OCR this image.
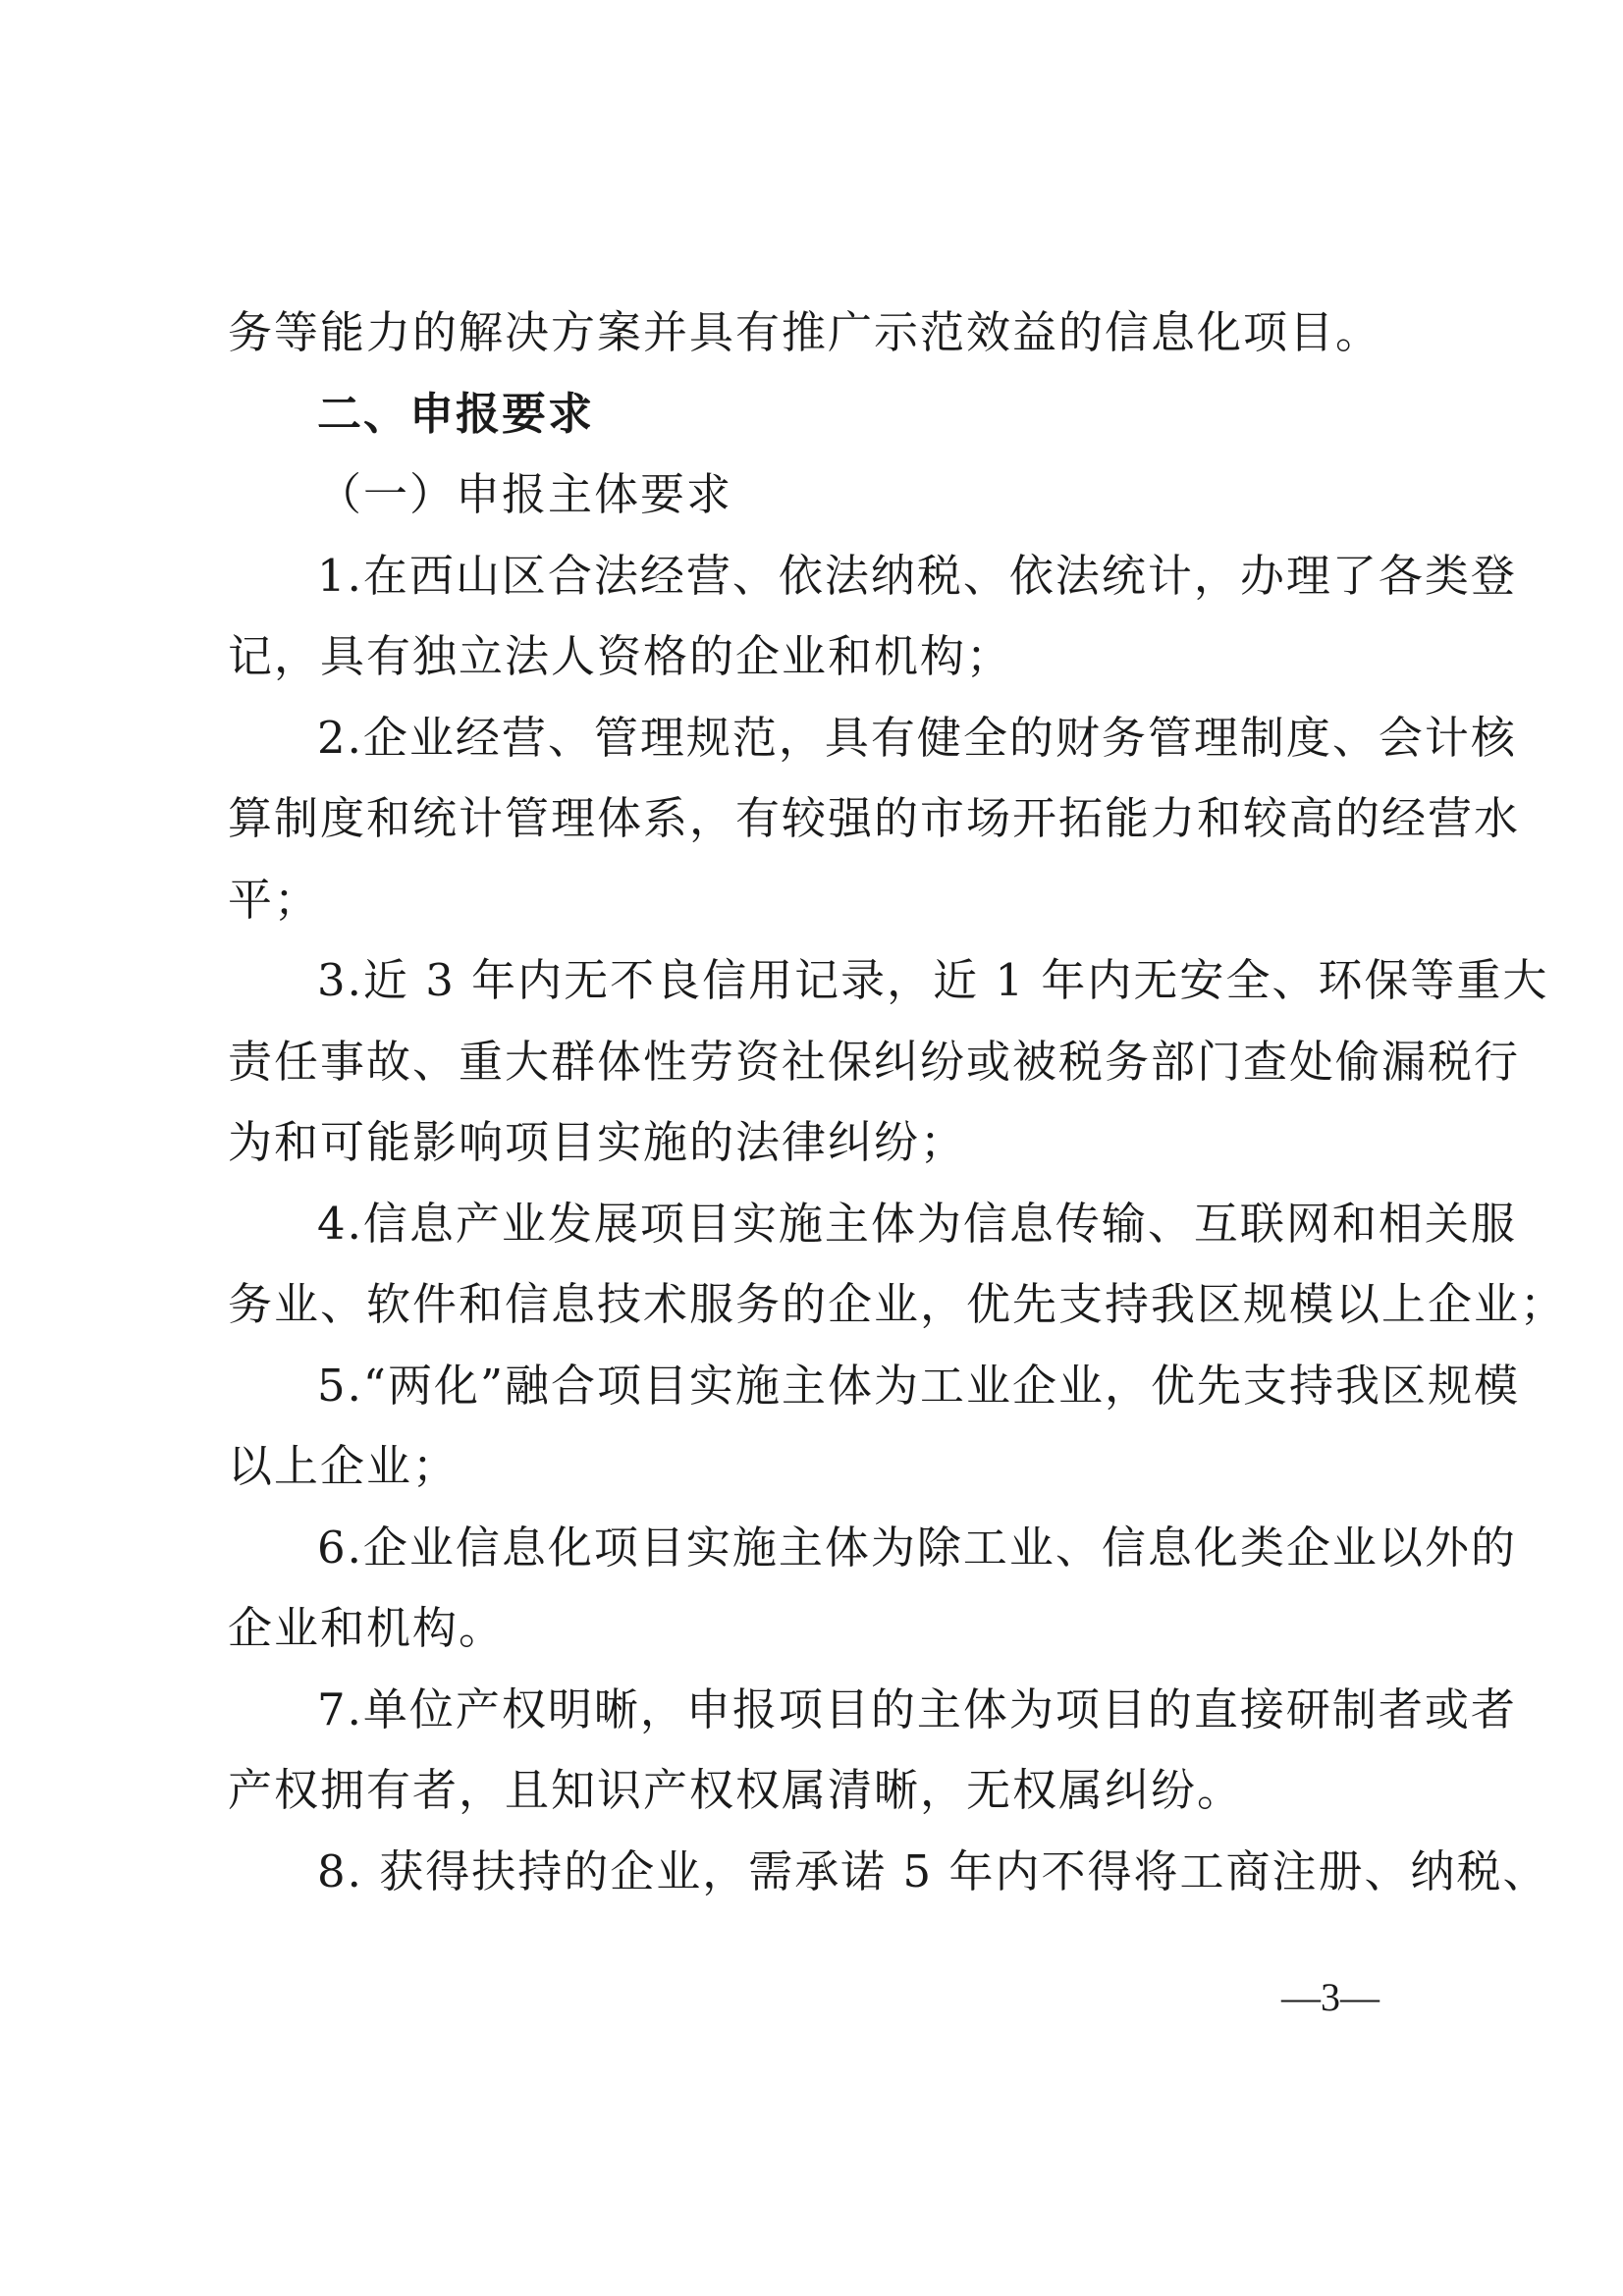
务等能力的解决方案并具有推广示范效益的信息化项目。
二、申报要求
（一）申报主体要求
1.在西山区合法经营、依法纳税、依法统计，办理了各类登
记，具有独立法人资格的企业和机构；
2.企业经营、管理规范，具有健全的财务管理制度、会计核
算制度和统计管理体系，有较强的市场开拓能力和较高的经营水
平；
3.近 3 年内无不良信用记录，近 1 年内无安全、环保等重大
责任事故、重大群体性劳资社保纠纷或被税务部门查处偷漏税行
为和可能影响项目实施的法律纠纷；
4.信息产业发展项目实施主体为信息传输、互联网和相关服
务业、软件和信息技术服务的企业，优先支持我区规模以上企业；
5.“两化”融合项目实施主体为工业企业，优先支持我区规模
以上企业；
6.企业信息化项目实施主体为除工业、信息化类企业以外的
企业和机构。
7.单位产权明晰，申报项目的主体为项目的直接研制者或者
产权拥有者，且知识产权权属清晰，无权属纠纷。
8. 获得扶持的企业，需承诺 5 年内不得将工商注册、纳税、
—3—
